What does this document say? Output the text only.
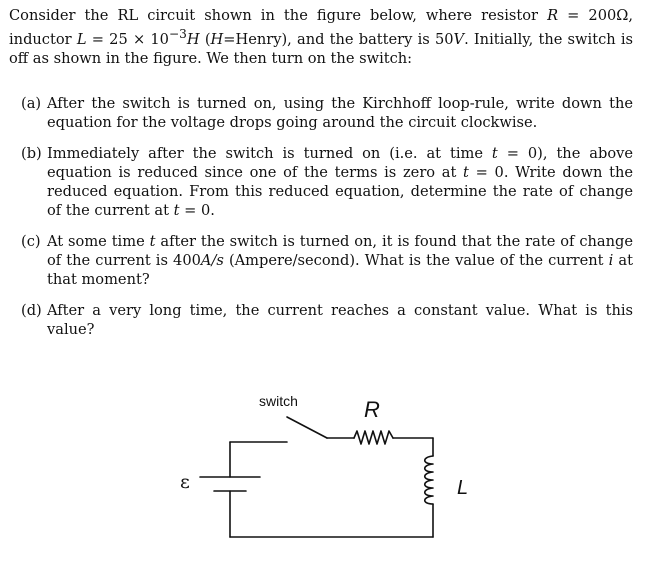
Consider the RL circuit shown in the figure below, where resistor R = 200Ω, inductor $L = 25 \times 10^{-3}H$ (H=Henry), and the battery is 50V. Initially, the switch is off as shown in the figure. We then turn on the switch:

(a) After the switch is turned on, using the Kirchhoff loop-rule, write down the equation for the voltage drops going around the circuit clockwise.
(b) Immediately after the switch is turned on (i.e. at time t = 0), the above equation is reduced since one of the terms is zero at t = 0. Write down the reduced equation. From this reduced equation, determine the rate of change of the current at t = 0.
(c) At some time t after the switch is turned on, it is found that the rate of change of the current is 400A/s (Ampere/second). What is the value of the current i at that moment?
(d) After a very long time, the current reaches a constant value. What is this value?
switch	R
L
ε
